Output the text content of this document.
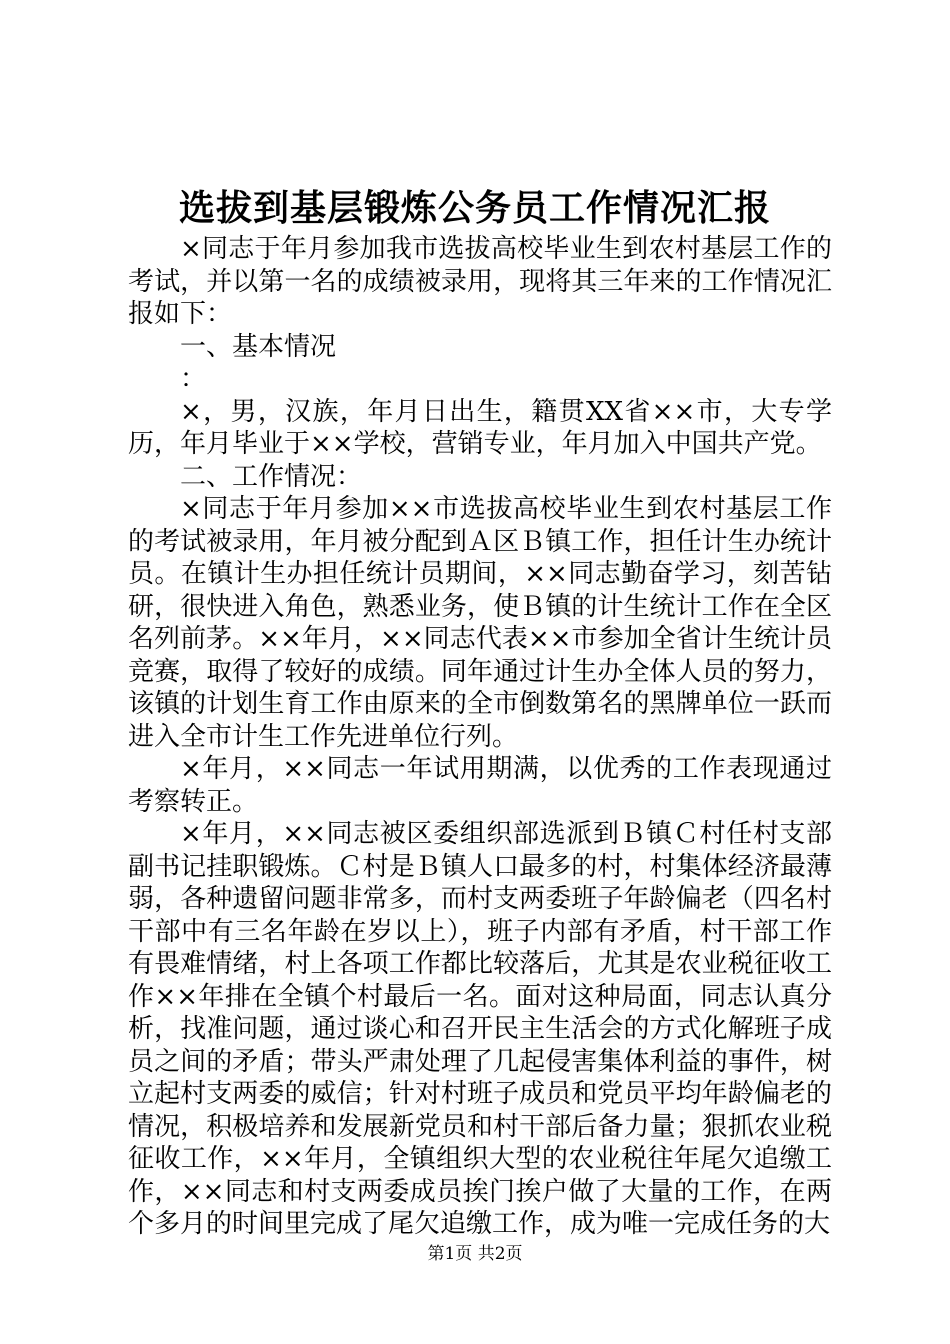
选拔到基层锻炼公务员工作情况汇报

×同志于年月参加我市选拔高校毕业生到农村基层工作的考试，并以第一名的成绩被录用，现将其三年来的工作情况汇报如下：

一、基本情况

：

×，男，汉族，年月日出生，籍贯XX省××市，大专学历，年月毕业于××学校，营销专业，年月加入中国共产党。

二、工作情况：

×同志于年月参加××市选拔高校毕业生到农村基层工作的考试被录用，年月被分配到Ａ区Ｂ镇工作，担任计生办统计员。在镇计生办担任统计员期间，××同志勤奋学习，刻苦钻研，很快进入角色，熟悉业务，使Ｂ镇的计生统计工作在全区名列前茅。××年月，××同志代表××市参加全省计生统计员竞赛，取得了较好的成绩。同年通过计生办全体人员的努力，该镇的计划生育工作由原来的全市倒数第名的黑牌单位一跃而进入全市计生工作先进单位行列。

×年月，××同志一年试用期满，以优秀的工作表现通过考察转正。

×年月，××同志被区委组织部选派到Ｂ镇Ｃ村任村支部副书记挂职锻炼。Ｃ村是Ｂ镇人口最多的村，村集体经济最薄弱，各种遗留问题非常多，而村支两委班子年龄偏老（四名村干部中有三名年龄在岁以上），班子内部有矛盾，村干部工作有畏难情绪，村上各项工作都比较落后，尤其是农业税征收工作××年排在全镇个村最后一名。面对这种局面，同志认真分析，找准问题，通过谈心和召开民主生活会的方式化解班子成员之间的矛盾；带头严肃处理了几起侵害集体利益的事件，树立起村支两委的威信；针对村班子成员和党员平均年龄偏老的情况，积极培养和发展新党员和村干部后备力量；狠抓农业税征收工作，××年月，全镇组织大型的农业税往年尾欠追缴工作，××同志和村支两委成员挨门挨户做了大量的工作，在两个多月的时间里完成了尾欠追缴工作，成为唯一完成任务的大

第1页 共2页
